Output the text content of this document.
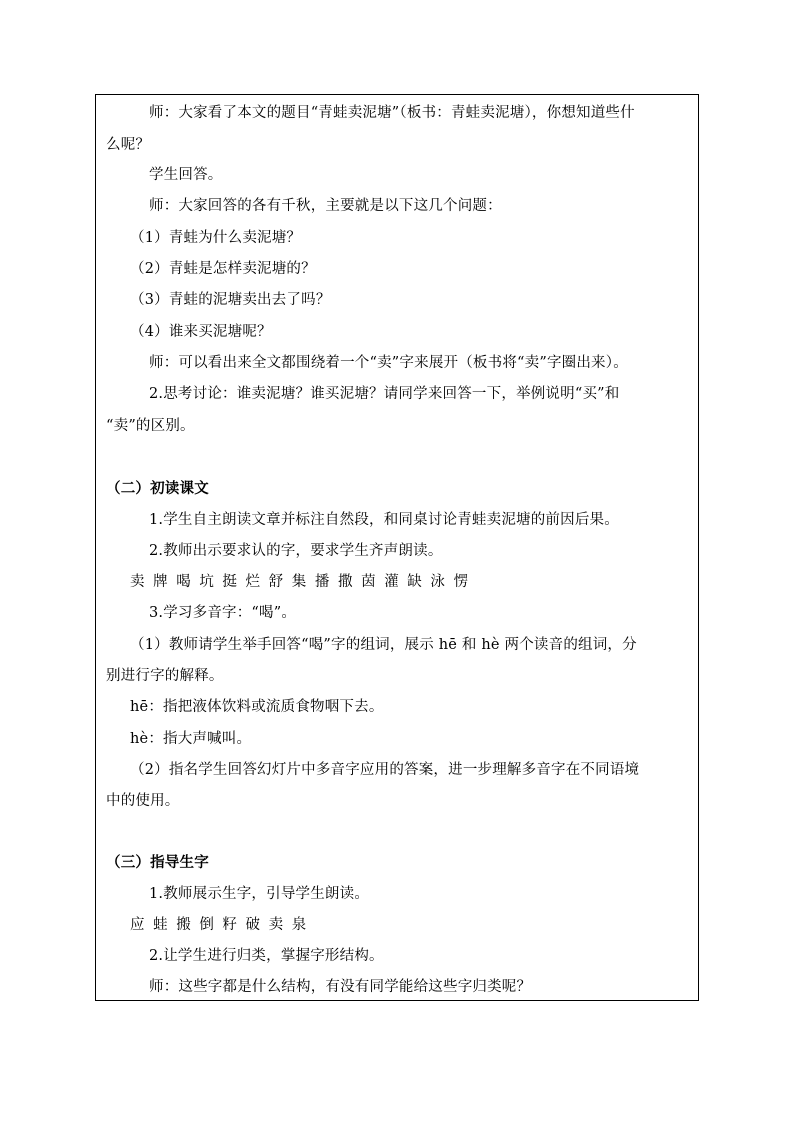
师：大家看了本文的题目“青蛙卖泥塘”（板书：青蛙卖泥塘），你想知道些什
么呢？
学生回答。
师：大家回答的各有千秋，主要就是以下这几个问题：
（1）青蛙为什么卖泥塘？
（2）青蛙是怎样卖泥塘的？
（3）青蛙的泥塘卖出去了吗？
（4）谁来买泥塘呢？
师：可以看出来全文都围绕着一个“卖”字来展开（板书将“卖”字圈出来）。
2.思考讨论：谁卖泥塘？谁买泥塘？请同学来回答一下，举例说明“买”和
“卖”的区别。
（二）初读课文
1.学生自主朗读文章并标注自然段，和同桌讨论青蛙卖泥塘的前因后果。
2.教师出示要求认的字，要求学生齐声朗读。
卖 牌 喝 坑 挺 烂 舒 集 播 撒 茵 灌 缺 泳 愣
3.学习多音字：“喝”。
（1）教师请学生举手回答“喝”字的组词，展示 hē 和 hè 两个读音的组词，分
别进行字的解释。
hē：指把液体饮料或流质食物咽下去。
hè：指大声喊叫。
（2）指名学生回答幻灯片中多音字应用的答案，进一步理解多音字在不同语境
中的使用。
（三）指导生字
1.教师展示生字，引导学生朗读。
应 蛙 搬 倒 籽 破 卖 泉
2.让学生进行归类，掌握字形结构。
师：这些字都是什么结构，有没有同学能给这些字归类呢？
